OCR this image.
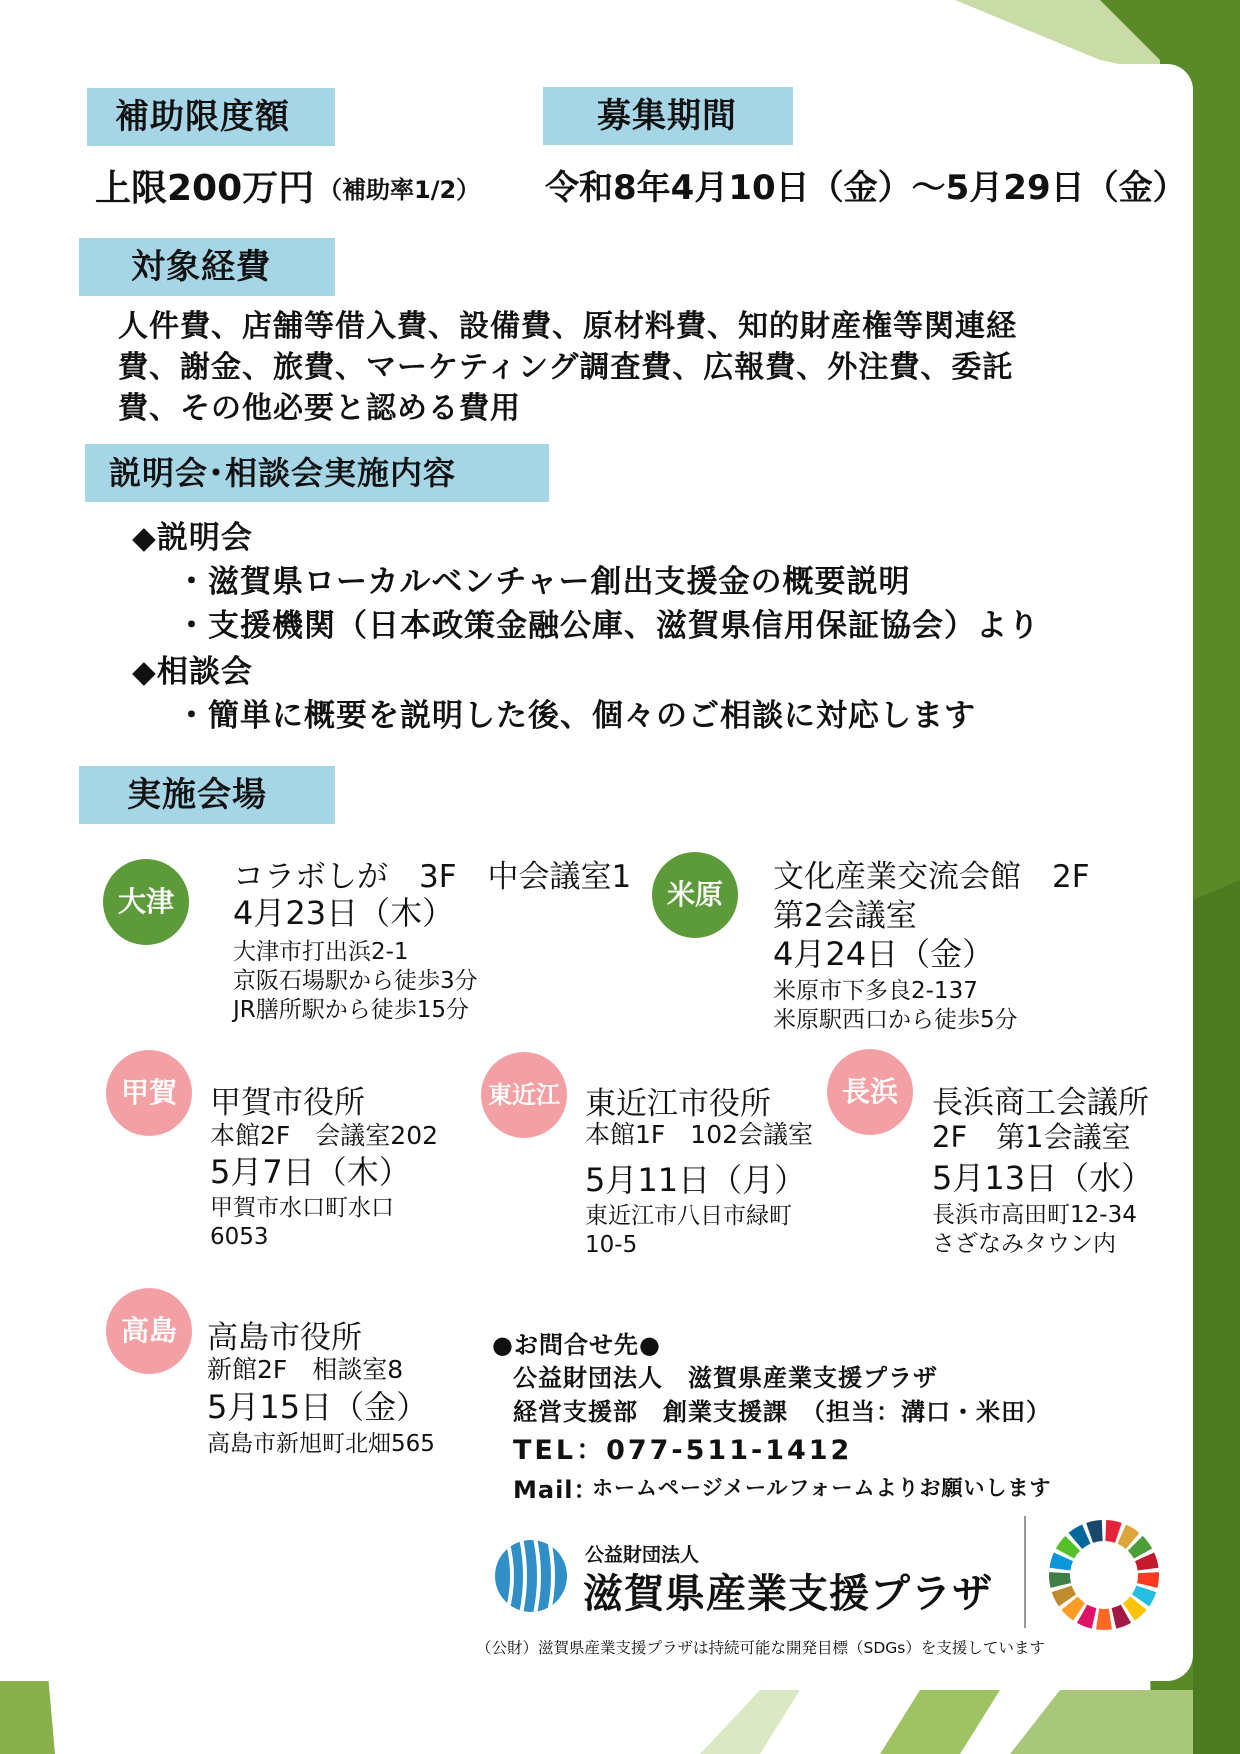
補助限度額
上限200万円 （補助率1/2）
募集期間
令和8年4月10日（金）～5月29日（金）
対象経費
人件費、店舗等借入費、設備費、原材料費、知的財産権等関連経
費、謝金、旅費、マーケティング調査費、広報費、外注費、委託
費、その他必要と認める費用
説明会･相談会実施内容
◆説明会
・滋賀県ローカルベンチャー創出支援金の概要説明
・支援機関（日本政策金融公庫、滋賀県信用保証協会）より
◆相談会
・簡単に概要を説明した後、個々のご相談に対応します
実施会場
大津
コラボしが　3F　中会議室1
4月23日（木）
大津市打出浜2-1
京阪石場駅から徒歩3分
JR膳所駅から徒歩15分
米原	文化産業交流会館　2F
第2会議室
4月24日（金）
米原市下多良2-137
米原駅西口から徒歩5分
甲賀	甲賀市役所
本館2F　会議室202
5月7日（木）
甲賀市水口町水口
6053
東近江 東近江市役所
本館1F　102会議室
5月11日（月）
東近江市八日市緑町
10-5
長浜	長浜商工会議所
2F　第1会議室
5月13日（水）
長浜市高田町12-34
さざなみタウン内
高島 高島市役所
新館2F　相談室8
5月15日（金）
高島市新旭町北畑565
●お問合せ先●
公益財団法人　滋賀県産業支援プラザ
経営支援部　創業支援課　（担当：溝口・米田）
TEL：077-511-1412
Mail：
ホームページメールフォームよりお願いします
公益財団法人
滋賀県産業支援プラザ
（公財）滋賀県産業支援プラザは持続可能な開発目標（SDGs）を支援しています
